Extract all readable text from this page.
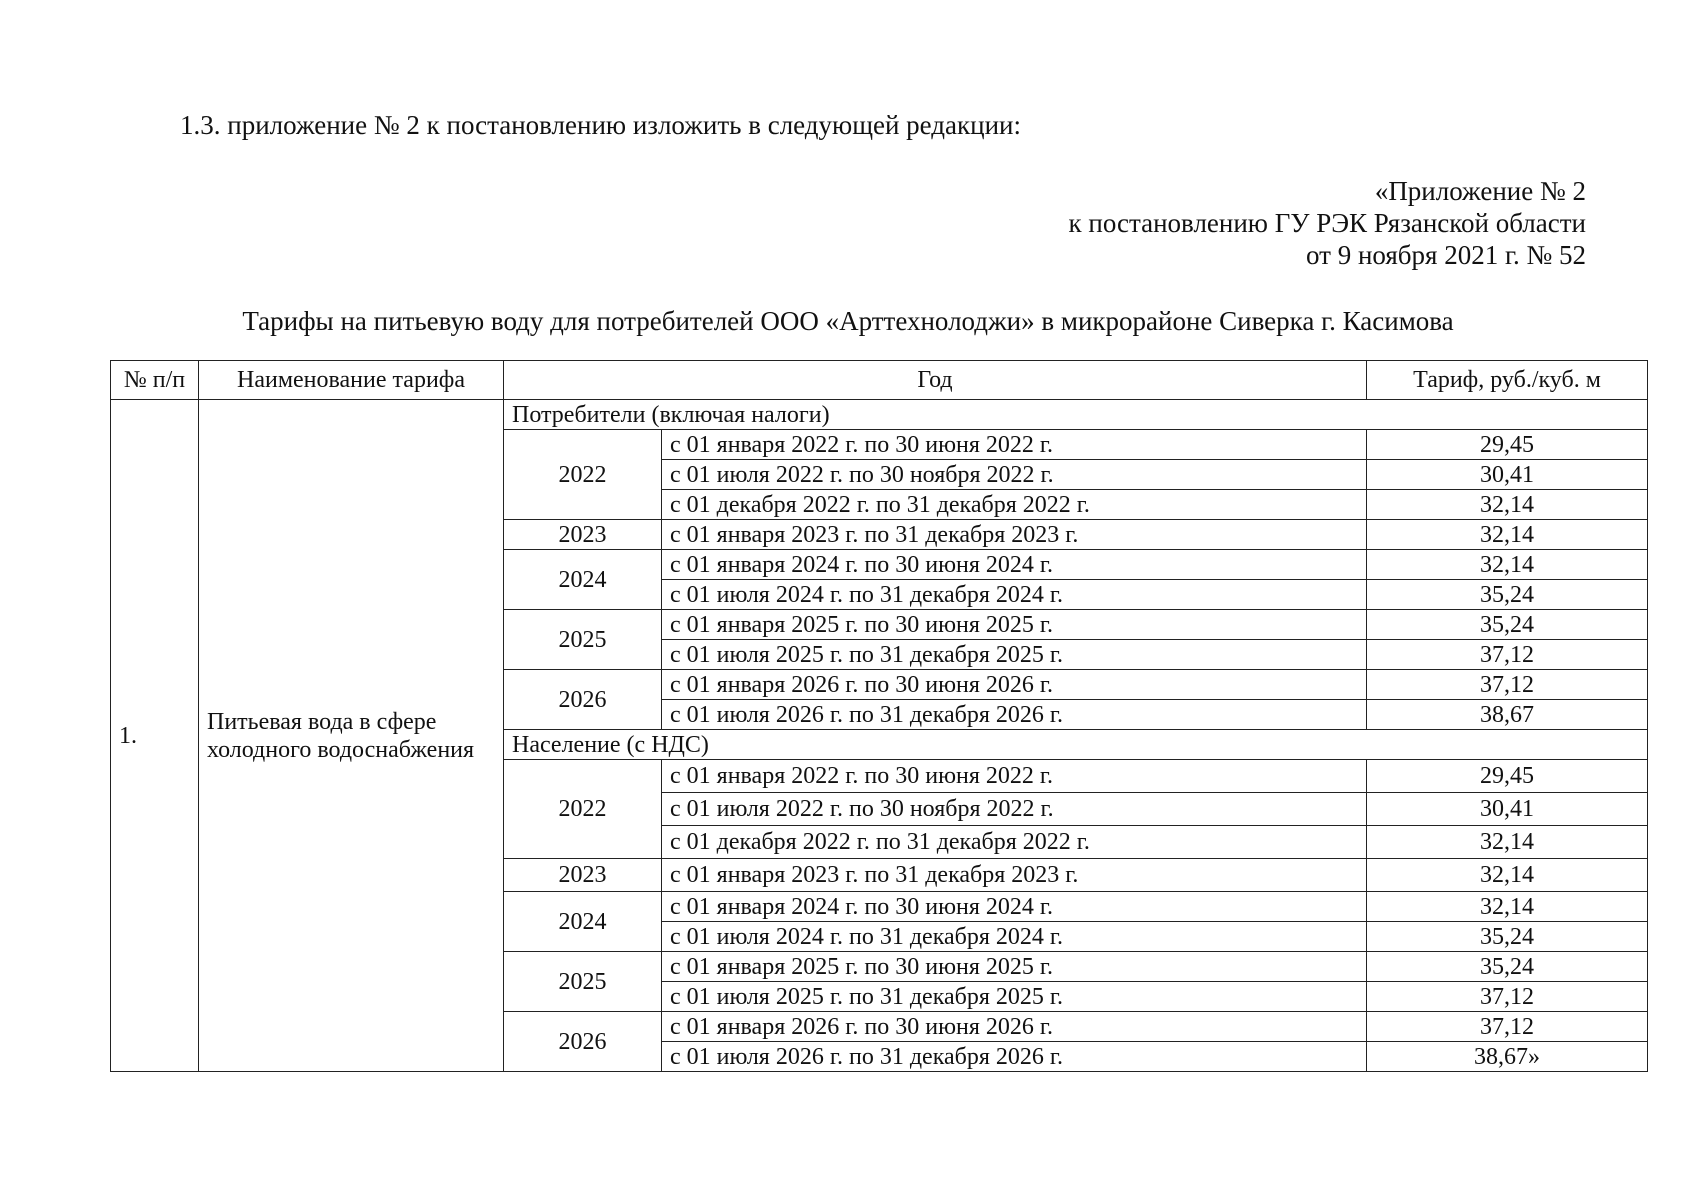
1.3. приложение № 2 к постановлению изложить в следующей редакции:
«Приложение № 2
к постановлению ГУ РЭК Рязанской области
от 9 ноября 2021 г. № 52
Тарифы на питьевую воду для потребителей ООО «Арттехнолоджи» в микрорайоне Сиверка г. Касимова
№ п/п	Наименование тарифа	Год		Тариф, руб./куб. м
1.	Питьевая вода в сфере холодного водоснабжения	Потребители (включая налоги)		
		2022	с 01 января 2022 г. по 30 июня 2022 г.	29,45
			с 01 июля 2022 г. по 30 ноября 2022 г.	30,41
			с 01 декабря 2022 г. по 31 декабря 2022 г.	32,14
		2023	с 01 января 2023 г. по 31 декабря 2023 г.	32,14
		2024	с 01 января 2024 г. по 30 июня 2024 г.	32,14
			с 01 июля 2024 г. по 31 декабря 2024 г.	35,24
		2025	с 01 января 2025 г. по 30 июня 2025 г.	35,24
			с 01 июля 2025 г. по 31 декабря 2025 г.	37,12
		2026	с 01 января 2026 г. по 30 июня 2026 г.	37,12
			с 01 июля 2026 г. по 31 декабря 2026 г.	38,67
		Население (с НДС)		
		2022	с 01 января 2022 г. по 30 июня 2022 г.	29,45
			с 01 июля 2022 г. по 30 ноября 2022 г.	30,41
			с 01 декабря 2022 г. по 31 декабря 2022 г.	32,14
		2023	с 01 января 2023 г. по 31 декабря 2023 г.	32,14
		2024	с 01 января 2024 г. по 30 июня 2024 г.	32,14
			с 01 июля 2024 г. по 31 декабря 2024 г.	35,24
		2025	с 01 января 2025 г. по 30 июня 2025 г.	35,24
			с 01 июля 2025 г. по 31 декабря 2025 г.	37,12
		2026	с 01 января 2026 г. по 30 июня 2026 г.	37,12
			с 01 июля 2026 г. по 31 декабря 2026 г.	38,67»
